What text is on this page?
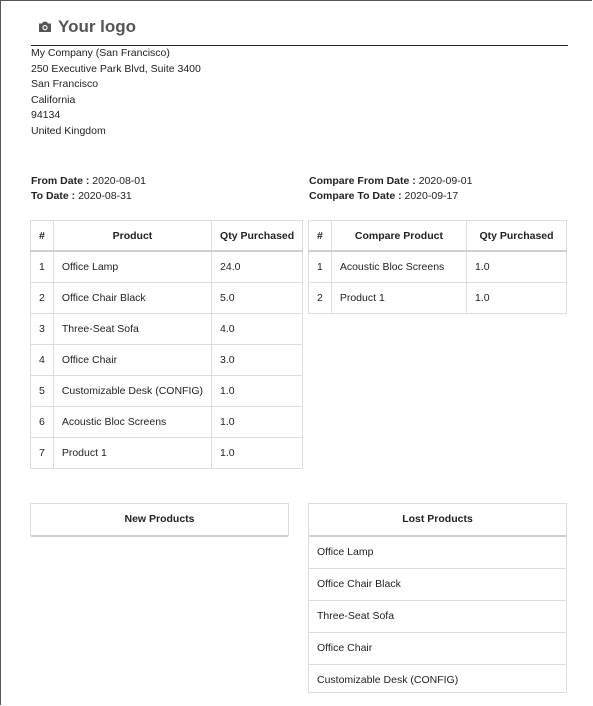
Your logo
My Company (San Francisco)
250 Executive Park Blvd, Suite 3400
San Francisco
California
94134
United Kingdom
From Date : 2020-08-01
To Date : 2020-08-31
Compare From Date : 2020-09-01
Compare To Date : 2020-09-17
#	Product	Qty Purchased
1	Office Lamp	24.0
2	Office Chair Black	5.0
3	Three-Seat Sofa	4.0
4	Office Chair	3.0
5	Customizable Desk (CONFIG)	1.0
6	Acoustic Bloc Screens	1.0
7	Product 1	1.0
#	Compare Product	Qty Purchased
1	Acoustic Bloc Screens	1.0
2	Product 1	1.0
New Products	Lost Products
Office Lamp
Office Chair Black
Three-Seat Sofa
Office Chair
Customizable Desk (CONFIG)
